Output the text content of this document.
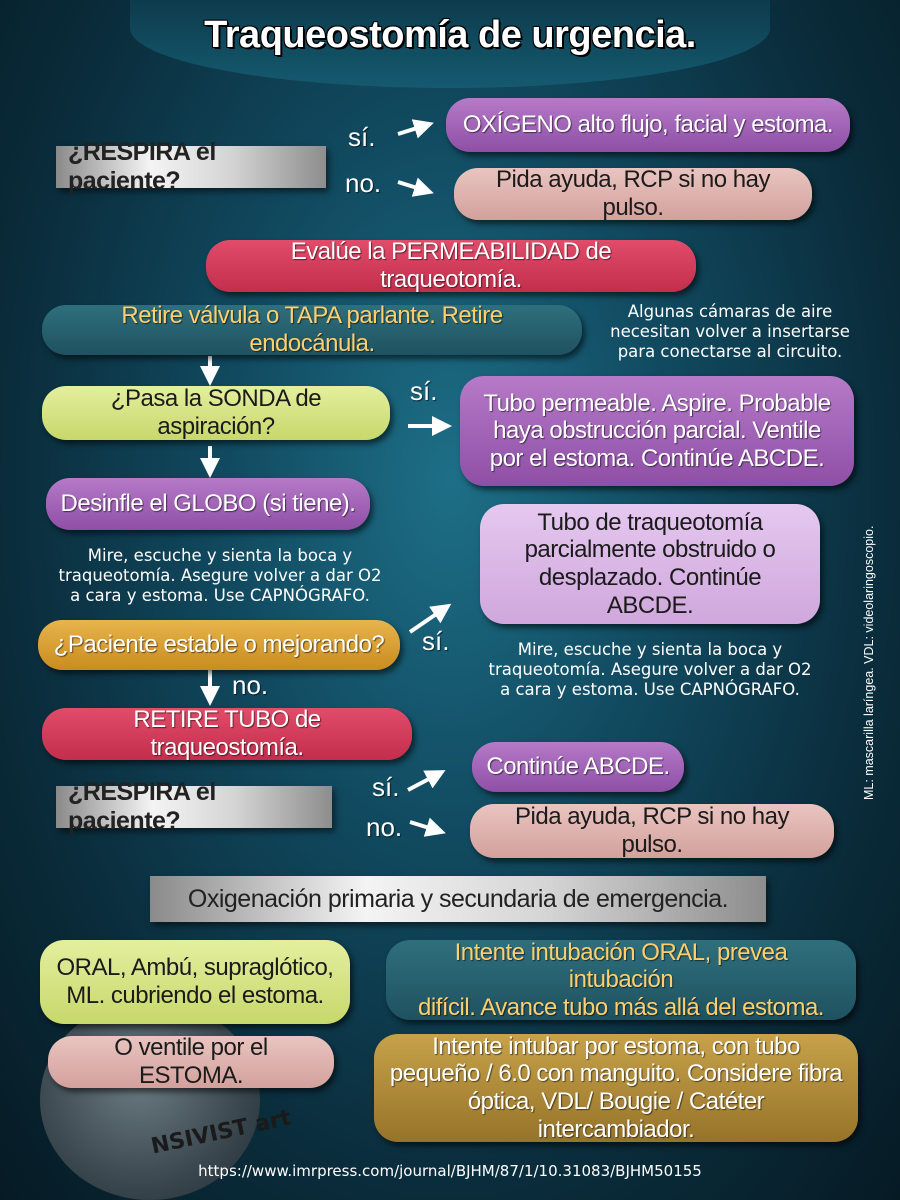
Traqueostomía de urgencia.
NSIVIST art
¿RESPIRA el paciente?
sí.
no.
OXÍGENO alto flujo, facial y estoma.
Pida ayuda, RCP si no hay pulso.
Evalúe la PERMEABILIDAD de traqueotomía.
Retire válvula o TAPA parlante. Retire endocánula.
Algunas cámaras de aire
necesitan volver a insertarse
para conectarse al circuito.
¿Pasa la SONDA de aspiración?
sí. Tubo permeable. Aspire. Probable
haya obstrucción parcial. Ventile
por el estoma. Continúe ABCDE.
Desinfle el GLOBO (si tiene).
Mire, escuche y sienta la boca y
traqueotomía. Asegure volver a dar O2
a cara y estoma. Use CAPNÓGRAFO.
Tubo de traqueotomía
parcialmente obstruido o
desplazado. Continúe ABCDE.
¿Paciente estable o mejorando?	sí.
no.
Mire, escuche y sienta la boca y
traqueotomía. Asegure volver a dar O2
a cara y estoma. Use CAPNÓGRAFO.
RETIRE TUBO de traqueostomía.
¿RESPIRA el paciente?
sí.
no.
Continúe ABCDE.
Pida ayuda, RCP si no hay pulso.
Oxigenación primaria y secundaria de emergencia.
ORAL, Ambú, supraglótico,
ML. cubriendo el estoma.
O ventile por el ESTOMA.
Intente intubación ORAL, prevea intubación
difícil. Avance tubo más allá del estoma.
Intente intubar por estoma, con tubo
pequeño / 6.0 con manguito. Considere fibra
óptica, VDL/ Bougie / Catéter intercambiador.
ML: mascarilla laríngea. VDL: videolaringoscopio.
https://www.imrpress.com/journal/BJHM/87/1/10.31083/BJHM50155
